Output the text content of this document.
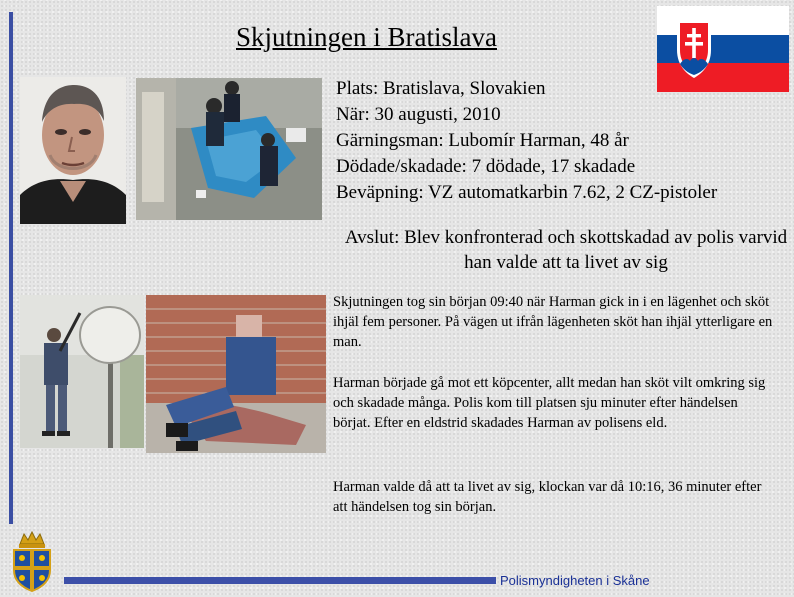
Skjutningen i Bratislava
Plats: Bratislava, Slovakien
När: 30 augusti, 2010
Gärningsman: Lubomír Harman, 48 år
Dödade/skadade: 7 dödade, 17 skadade
Beväpning: VZ automatkarbin 7.62, 2 CZ-pistoler
Avslut: Blev konfronterad och skottskadad av polis varvid han valde att ta livet av sig
Skjutningen tog sin början 09:40 när Harman gick in i en lägenhet och sköt ihjäl fem personer. På vägen ut ifrån lägenheten sköt han ihjäl ytterligare en man.
Harman började gå mot ett köpcenter, allt medan han sköt vilt omkring sig och skadade många. Polis kom till platsen sju minuter efter händelsen börjat. Efter en eldstrid skadades Harman av polisens eld.
Harman valde då att ta livet av sig, klockan var då 10:16, 36 minuter efter att händelsen tog sin början.
Polismyndigheten i Skåne
